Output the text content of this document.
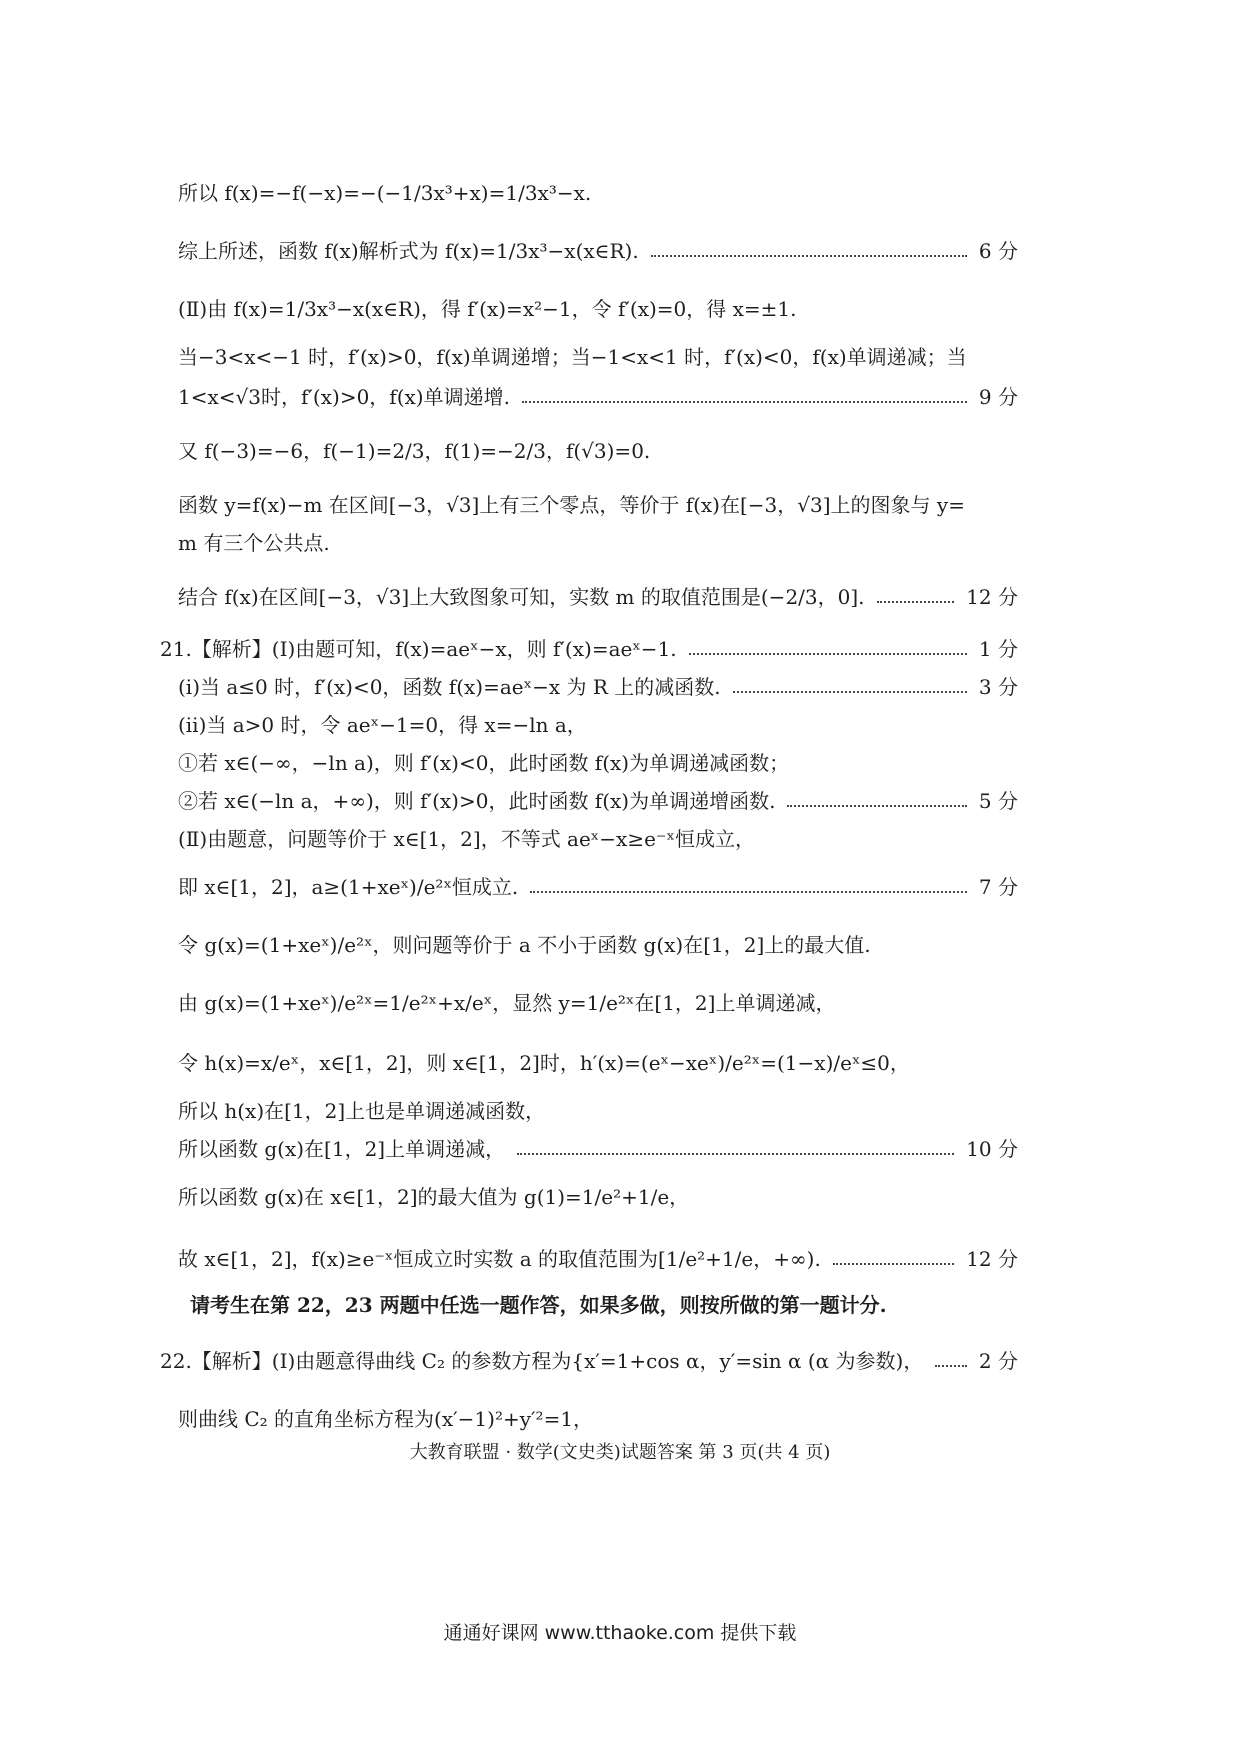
所以 f(x)=−f(−x)=−(−1/3x³+x)=1/3x³−x.
综上所述，函数 f(x)解析式为 f(x)=1/3x³−x(x∈R).	6 分
(Ⅱ)由 f(x)=1/3x³−x(x∈R)，得 f′(x)=x²−1，令 f′(x)=0，得 x=±1.
当−3<x<−1 时，f′(x)>0，f(x)单调递增；当−1<x<1 时，f′(x)<0，f(x)单调递减；当
1<x<√3时，f′(x)>0，f(x)单调递增.	9 分
又 f(−3)=−6，f(−1)=2/3，f(1)=−2/3，f(√3)=0.
函数 y=f(x)−m 在区间[−3，√3]上有三个零点，等价于 f(x)在[−3，√3]上的图象与 y=
m 有三个公共点.
结合 f(x)在区间[−3，√3]上大致图象可知，实数 m 的取值范围是(−2/3，0].	12 分
21.【解析】(Ⅰ)由题可知，f(x)=aeˣ−x，则 f′(x)=aeˣ−1.	1 分
(ⅰ)当 a≤0 时，f′(x)<0，函数 f(x)=aeˣ−x 为 R 上的减函数.	3 分
(ⅱ)当 a>0 时，令 aeˣ−1=0，得 x=−ln a，
①若 x∈(−∞，−ln a)，则 f′(x)<0，此时函数 f(x)为单调递减函数；
②若 x∈(−ln a，+∞)，则 f′(x)>0，此时函数 f(x)为单调递增函数.	5 分
(Ⅱ)由题意，问题等价于 x∈[1，2]，不等式 aeˣ−x≥e⁻ˣ恒成立，
即 x∈[1，2]，a≥(1+xeˣ)/e²ˣ恒成立.	7 分
令 g(x)=(1+xeˣ)/e²ˣ，则问题等价于 a 不小于函数 g(x)在[1，2]上的最大值.
由 g(x)=(1+xeˣ)/e²ˣ=1/e²ˣ+x/eˣ，显然 y=1/e²ˣ在[1，2]上单调递减，
令 h(x)=x/eˣ，x∈[1，2]，则 x∈[1，2]时，h′(x)=(eˣ−xeˣ)/e²ˣ=(1−x)/eˣ≤0，
所以 h(x)在[1，2]上也是单调递减函数，
所以函数 g(x)在[1，2]上单调递减，	10 分
所以函数 g(x)在 x∈[1，2]的最大值为 g(1)=1/e²+1/e，
故 x∈[1，2]，f(x)≥e⁻ˣ恒成立时实数 a 的取值范围为[1/e²+1/e，+∞).	12 分
请考生在第 22，23 两题中任选一题作答，如果多做，则按所做的第一题计分.
22.【解析】(Ⅰ)由题意得曲线 C₂ 的参数方程为{x′=1+cos α，y′=sin α (α 为参数)，	2 分
则曲线 C₂ 的直角坐标方程为(x′−1)²+y′²=1，
大教育联盟 · 数学(文史类)试题答案 第 3 页(共 4 页)
通通好课网 www.tthaoke.com 提供下载
